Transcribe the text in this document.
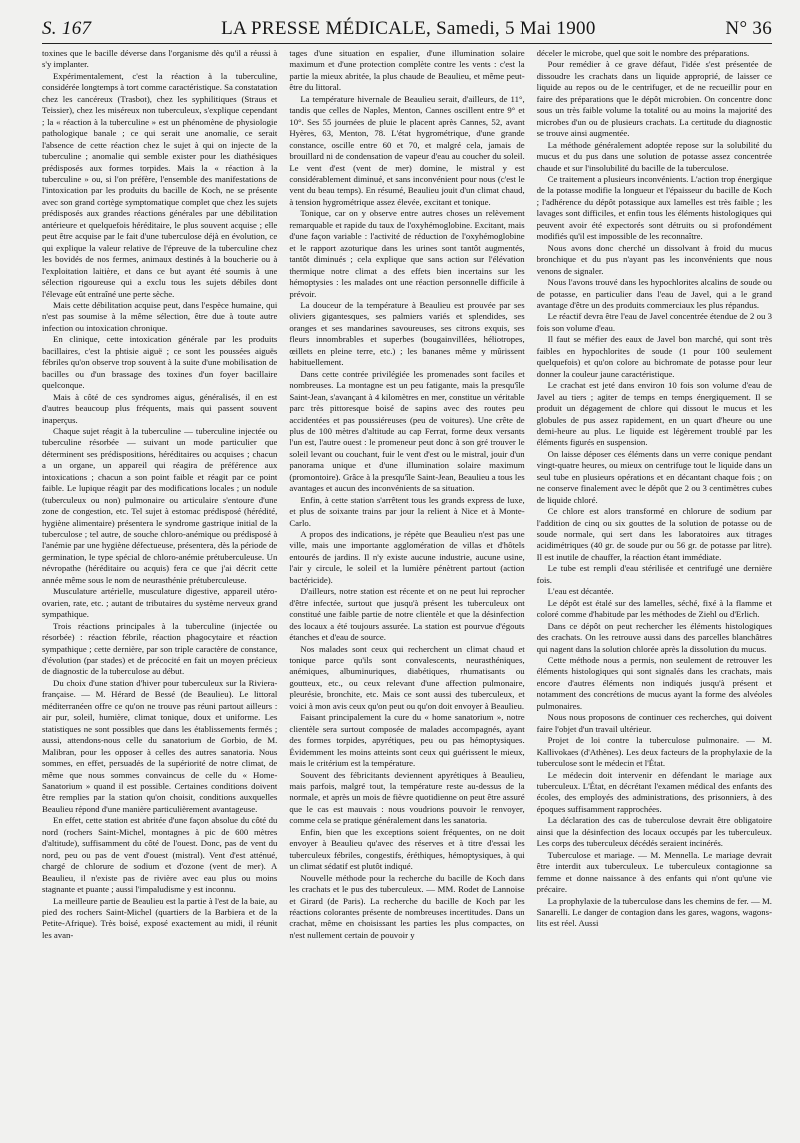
S. 167	LA PRESSE MÉDICALE, Samedi, 5 Mai 1900	N° 36

toxines que le bacille déverse dans l'organisme dès qu'il a réussi à s'y implanter.

Expérimentalement, c'est la réaction à la tuberculine, considérée longtemps à tort comme caractéristique. Sa constatation chez les cancéreux (Trasbot), chez les syphilitiques (Straus et Teissier), chez les miséreux non tuberculeux, s'explique cependant ; la « réaction à la tuberculine » est un phénomène de physiologie pathologique banale ; ce qui serait une anomalie, ce serait l'absence de cette réaction chez le sujet à qui on injecte de la tuberculine ; anomalie qui semble exister pour les diathésiques prédisposés aux formes torpides. Mais la « réaction à la tuberculine » ou, si l'on préfère, l'ensemble des manifestations de l'intoxication par les produits du bacille de Koch, ne se présente avec son grand cortège symptomatique complet que chez les sujets prédisposés aux grandes réactions générales par une débilitation antérieure et quelquefois héréditaire, le plus souvent acquise ; elle peut être acquise par le fait d'une tuberculose déjà en évolution, ce qui explique la valeur relative de l'épreuve de la tuberculine chez les bovidés de nos fermes, animaux destinés à la boucherie ou à l'exploitation laitière, et dans ce but ayant été soumis à une sélection rigoureuse qui a exclu tous les sujets débiles dont l'élevage eût entraîné une perte sèche.

Mais cette débilitation acquise peut, dans l'espèce humaine, qui n'est pas soumise à la même sélection, être due à toute autre infection ou intoxication chronique.

En clinique, cette intoxication générale par les produits bacillaires, c'est la phtisie aiguë ; ce sont les poussées aiguës fébriles qu'on observe trop souvent à la suite d'une mobilisation de bacilles ou d'un brassage des toxines d'un foyer bacillaire quelconque.

Mais à côté de ces syndromes aigus, généralisés, il en est d'autres beaucoup plus fréquents, mais qui passent souvent inaperçus.

Chaque sujet réagit à la tuberculine — tuberculine injectée ou tuberculine résorbée — suivant un mode particulier que déterminent ses prédispositions, héréditaires ou acquises ; chacun a un organe, un appareil qui réagira de préférence aux intoxications ; chacun a son point faible et réagit par ce point faible. Le lupique réagit par des modifications locales ; un nodule (tuberculeux ou non) pulmonaire ou articulaire s'entoure d'une zone de congestion, etc. Tel sujet à estomac prédisposé (hérédité, hygiène alimentaire) présentera le syndrome gastrique initial de la tuberculose ; tel autre, de souche chloro-anémique ou prédisposé à l'anémie par une hygiène défectueuse, présentera, dès la période de germination, le type spécial de chloro-anémie prétuberculeuse. Un névropathe (héréditaire ou acquis) fera ce que j'ai décrit cette année même sous le nom de neurasthénie prétuberculeuse.

Musculature artérielle, musculature digestive, appareil utéro-ovarien, rate, etc. ; autant de tributaires du système nerveux grand sympathique.

Trois réactions principales à la tuberculine (injectée ou résorbée) : réaction fébrile, réaction phagocytaire et réaction sympathique ; cette dernière, par son triple caractère de constance, d'évolution (par stades) et de précocité en fait un moyen précieux de diagnostic de la tuberculose au début.

Du choix d'une station d'hiver pour tuberculeux sur la Riviera-française. — M. Hérard de Bessé (de Beaulieu). Le littoral méditerranéen offre ce qu'on ne trouve pas réuni partout ailleurs : air pur, soleil, humière, climat tonique, doux et uniforme. Les statistiques ne sont possibles que dans les établissements fermés ; aussi, attendons-nous celle du sanatorium de Gorbio, de M. Malibran, pour les opposer à celles des autres sanatoria. Nous sommes, en effet, persuadés de la supériorité de notre climat, de même que nous sommes convaincus de celle du « Home-Sanatorium » quand il est possible. Certaines conditions doivent être remplies par la station qu'on choisit, conditions auxquelles Beaulieu répond d'une manière particulièrement avantageuse.

En effet, cette station est abritée d'une façon absolue du côté du nord (rochers Saint-Michel, montagnes à pic de 600 mètres d'altitude), suffisamment du côté de l'ouest. Donc, pas de vent du nord, peu ou pas de vent d'ouest (mistral). Vent d'est atténué, chargé de chlorure de sodium et d'ozone (vent de mer). A Beaulieu, il n'existe pas de rivière avec eau plus ou moins stagnante et puante ; aussi l'impaludisme y est inconnu.

La meilleure partie de Beaulieu est la partie à l'est de la baie, au pied des rochers Saint-Michel (quartiers de la Barbiera et de la Petite-Afrique). Très boisé, exposé exactement au midi, il réunit les avan-

tages d'une situation en espalier, d'une illumination solaire maximum et d'une protection complète contre les vents : c'est la partie la mieux abritée, la plus chaude de Beaulieu, et même peut-être du littoral.

La température hivernale de Beaulieu serait, d'ailleurs, de 11°, tandis que celles de Naples, Menton, Cannes oscillent entre 9° et 10°. Ses 55 journées de pluie le placent après Cannes, 52, avant Hyères, 63, Menton, 78. L'état hygrométrique, d'une grande constance, oscille entre 60 et 70, et malgré cela, jamais de brouillard ni de condensation de vapeur d'eau au coucher du soleil. Le vent d'est (vent de mer) domine, le mistral y est considérablement diminué, et sans inconvénient pour nous (c'est le vent du beau temps). En résumé, Beaulieu jouit d'un climat chaud, à tension hygrométrique assez élevée, excitant et tonique.

Tonique, car on y observe entre autres choses un relèvement remarquable et rapide du taux de l'oxyhémoglobine. Excitant, mais d'une façon variable : l'activité de réduction de l'oxyhémoglobine et le rapport azoturique dans les urines sont tantôt augmentés, tantôt diminués ; cela explique que sans action sur l'élévation thermique notre climat a des effets bien incertains sur les hémoptysies : les malades ont une réaction personnelle difficile à prévoir.

La douceur de la température à Beaulieu est prouvée par ses oliviers gigantesques, ses palmiers variés et splendides, ses oranges et ses mandarines savoureuses, ses citrons exquis, ses fleurs innombrables et superbes (bougainvillées, héliotropes, œillets en pleine terre, etc.) ; les bananes même y mûrissent habituellement.

Dans cette contrée privilégiée les promenades sont faciles et nombreuses. La montagne est un peu fatigante, mais la presqu'île Saint-Jean, s'avançant à 4 kilomètres en mer, constitue un véritable parc très pittoresque boisé de sapins avec des routes peu accidentées et pas poussiéreuses (peu de voitures). Une crête de plus de 100 mètres d'altitude au cap Ferrat, forme deux versants l'un est, l'autre ouest : le promeneur peut donc à son gré trouver le soleil levant ou couchant, fuir le vent d'est ou le mistral, jouir d'un panorama unique et d'une illumination solaire maximum (promontoire). Grâce à la presqu'île Saint-Jean, Beaulieu a tous les avantages et aucun des inconvénients de sa situation.

Enfin, à cette station s'arrêtent tous les grands express de luxe, et plus de soixante trains par jour la relient à Nice et à Monte-Carlo.

A propos des indications, je répète que Beaulieu n'est pas une ville, mais une importante agglomération de villas et d'hôtels entourés de jardins. Il n'y existe aucune industrie, aucune usine, l'air y circule, le soleil et la lumière pénètrent partout (action bactéricide).

D'ailleurs, notre station est récente et on ne peut lui reprocher d'être infectée, surtout que jusqu'à présent les tuberculeux ont constitué une faible partie de notre clientèle et que la désinfection des locaux a été toujours assurée. La station est pourvue d'égouts étanches et d'eau de source.

Nos malades sont ceux qui recherchent un climat chaud et tonique parce qu'ils sont convalescents, neurasthéniques, anémiques, albuminuriques, diabétiques, rhumatisants ou goutteux, etc., ou ceux relevant d'une affection pulmonaire, pleurésie, bronchite, etc. Mais ce sont aussi des tuberculeux, et voici à mon avis ceux qu'on peut ou qu'on doit envoyer à Beaulieu.

Faisant principalement la cure du « home sanatorium », notre clientèle sera surtout composée de malades accompagnés, ayant des formes torpides, apyrétiques, peu ou pas hémoptysiques. Évidemment les moins atteints sont ceux qui guérissent le mieux, mais le critérium est la température.

Souvent des fébricitants deviennent apyrétiques à Beaulieu, mais parfois, malgré tout, la température reste au-dessus de la normale, et après un mois de fièvre quotidienne on peut être assuré que le cas est mauvais : nous voudrions pouvoir le renvoyer, comme cela se pratique généralement dans les sanatoria.

Enfin, bien que les exceptions soient fréquentes, on ne doit envoyer à Beaulieu qu'avec des réserves et à titre d'essai les tuberculeux fébriles, congestifs, éréthiques, hémoptysiques, à qui un climat sédatif est plutôt indiqué.

Nouvelle méthode pour la recherche du bacille de Koch dans les crachats et le pus des tuberculeux. — MM. Rodet de Lannoise et Girard (de Paris). La recherche du bacille de Koch par les réactions colorantes présente de nombreuses incertitudes. Dans un crachat, même en choisissant les parties les plus compactes, on n'est nullement certain de pouvoir y

déceler le microbe, quel que soit le nombre des préparations.

Pour remédier à ce grave défaut, l'idée s'est présentée de dissoudre les crachats dans un liquide approprié, de laisser ce liquide au repos ou de le centrifuger, et de ne recueillir pour en faire des préparations que le dépôt microbien. On concentre donc sous un très faible volume la totalité ou au moins la majorité des microbes d'un ou de plusieurs crachats. La certitude du diagnostic se trouve ainsi augmentée.

La méthode généralement adoptée repose sur la solubilité du mucus et du pus dans une solution de potasse assez concentrée chaude et sur l'insolubilité du bacille de la tuberculose.

Ce traitement a plusieurs inconvénients. L'action trop énergique de la potasse modifie la longueur et l'épaisseur du bacille de Koch ; l'adhérence du dépôt potassique aux lamelles est très faible ; les lavages sont difficiles, et enfin tous les éléments histologiques qui peuvent avoir été expectorés sont détruits ou si profondément modifiés qu'il est impossible de les reconnaître.

Nous avons donc cherché un dissolvant à froid du mucus bronchique et du pus n'ayant pas les inconvénients que nous venons de signaler.

Nous l'avons trouvé dans les hypochlorites alcalins de soude ou de potasse, en particulier dans l'eau de Javel, qui a le grand avantage d'être un des produits commerciaux les plus répandus.

Le réactif devra être l'eau de Javel concentrée étendue de 2 ou 3 fois son volume d'eau.

Il faut se méfier des eaux de Javel bon marché, qui sont très faibles en hypochlorites de soude (1 pour 100 seulement quelquefois) et qu'on colore au bichromate de potasse pour leur donner la couleur jaune caractéristique.

Le crachat est jeté dans environ 10 fois son volume d'eau de Javel au tiers ; agiter de temps en temps énergiquement. Il se produit un dégagement de chlore qui dissout le mucus et les globules de pus assez rapidement, en un quart d'heure ou une demi-heure au plus. Le liquide est légèrement troublé par les éléments figurés en suspension.

On laisse déposer ces éléments dans un verre conique pendant vingt-quatre heures, ou mieux on centrifuge tout le liquide dans un seul tube en plusieurs opérations et en décantant chaque fois ; on ne conserve finalement avec le dépôt que 2 ou 3 centimètres cubes de liquide chloré.

Ce chlore est alors transformé en chlorure de sodium par l'addition de cinq ou six gouttes de la solution de potasse ou de soude normale, qui sert dans les laboratoires aux titrages acidimétriques (40 gr. de soude pur ou 56 gr. de potasse par litre). Il est inutile de chauffer, la réaction étant immédiate.

Le tube est rempli d'eau stérilisée et centrifugé une dernière fois.

L'eau est décantée.

Le dépôt est étalé sur des lamelles, séché, fixé à la flamme et coloré comme d'habitude par les méthodes de Ziehl ou d'Erlich.

Dans ce dépôt on peut rechercher les éléments histologiques des crachats. On les retrouve aussi dans des parcelles blanchâtres qui nagent dans la solution chlorée après la dissolution du mucus.

Cette méthode nous a permis, non seulement de retrouver les éléments histologiques qui sont signalés dans les crachats, mais encore d'autres éléments non indiqués jusqu'à présent et notamment des concrétions de mucus ayant la forme des alvéoles pulmonaires.

Nous nous proposons de continuer ces recherches, qui doivent faire l'objet d'un travail ultérieur.

Projet de loi contre la tuberculose pulmonaire. — M. Kallivokaes (d'Athènes). Les deux facteurs de la prophylaxie de la tuberculose sont le médecin et l'État.

Le médecin doit intervenir en défendant le mariage aux tuberculeux. L'État, en décrétant l'examen médical des enfants des écoles, des employés des administrations, des prisonniers, à des époques suffisamment rapprochées.

La déclaration des cas de tuberculose devrait être obligatoire ainsi que la désinfection des locaux occupés par les tuberculeux. Les corps des tuberculeux décédés seraient incinérés.

Tuberculose et mariage. — M. Mennella. Le mariage devrait être interdit aux tuberculeux. Le tuberculeux contagionne sa femme et donne naissance à des enfants qui n'ont qu'une vie précaire.

La prophylaxie de la tuberculose dans les chemins de fer. — M. Sanarelli. Le danger de contagion dans les gares, wagons, wagons-lits est réel. Aussi
